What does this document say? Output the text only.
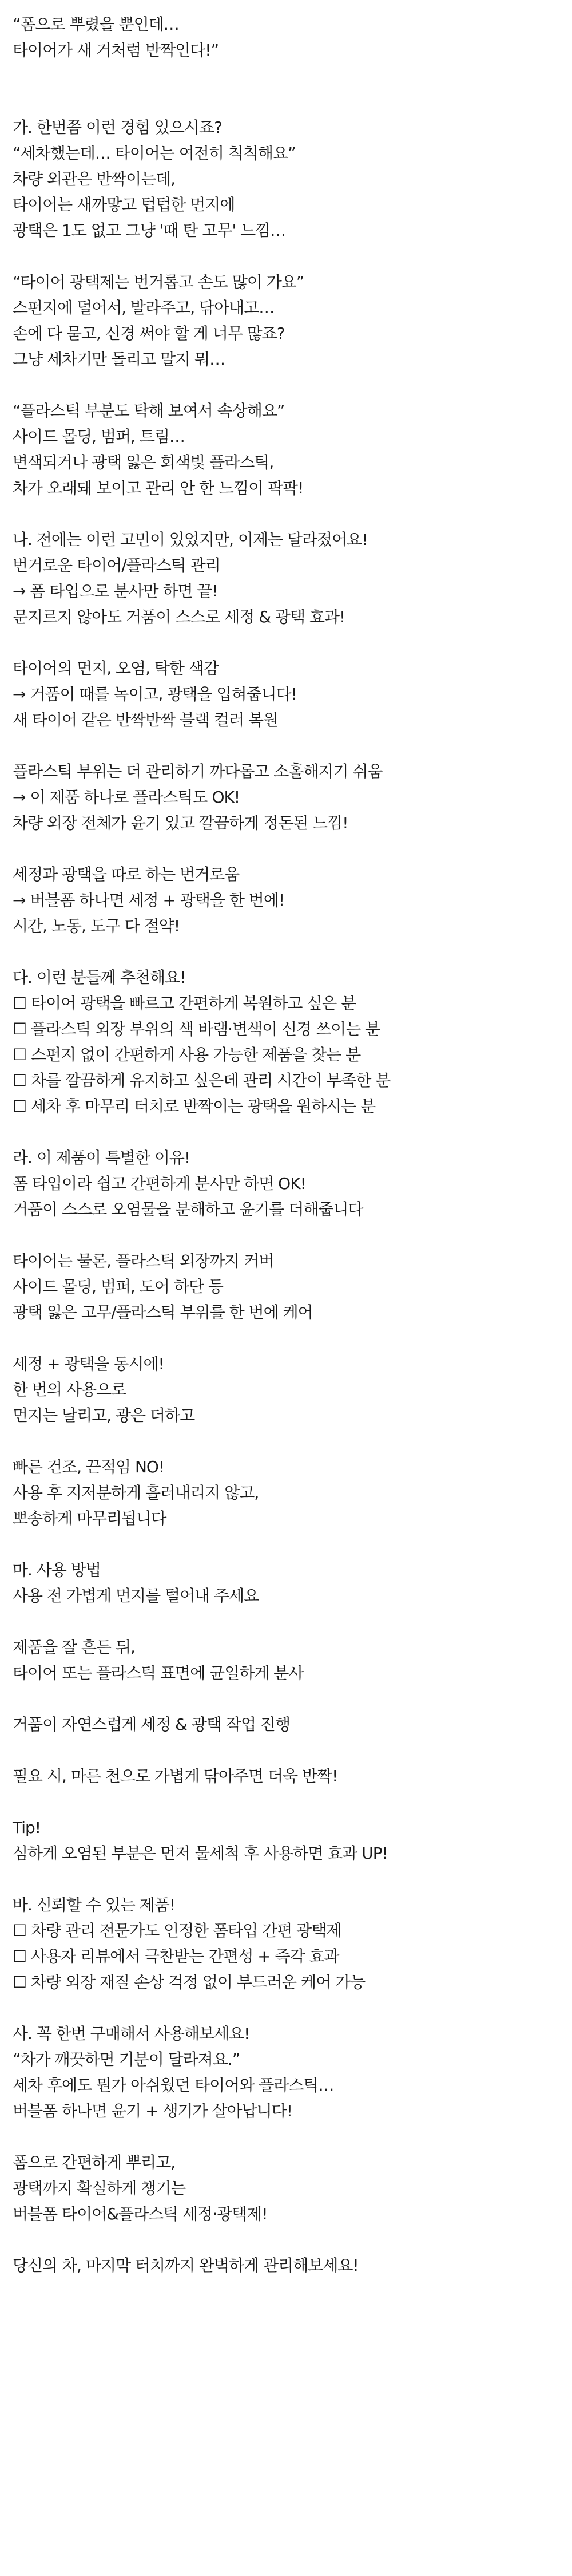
“폼으로 뿌렸을 뿐인데…
타이어가 새 거처럼 반짝인다!”
가. 한번쯤 이런 경험 있으시죠?
“세차했는데… 타이어는 여전히 칙칙해요”
차량 외관은 반짝이는데,
타이어는 새까맣고 텁텁한 먼지에
광택은 1도 없고 그냥 '때 탄 고무' 느낌…
“타이어 광택제는 번거롭고 손도 많이 가요”
스펀지에 덜어서, 발라주고, 닦아내고…
손에 다 묻고, 신경 써야 할 게 너무 많죠?
그냥 세차기만 돌리고 말지 뭐…
“플라스틱 부분도 탁해 보여서 속상해요”
사이드 몰딩, 범퍼, 트림…
변색되거나 광택 잃은 회색빛 플라스틱,
차가 오래돼 보이고 관리 안 한 느낌이 팍팍!
나. 전에는 이런 고민이 있었지만, 이제는 달라졌어요!
번거로운 타이어/플라스틱 관리
→ 폼 타입으로 분사만 하면 끝!
문지르지 않아도 거품이 스스로 세정 & 광택 효과!
타이어의 먼지, 오염, 탁한 색감
→ 거품이 때를 녹이고, 광택을 입혀줍니다!
새 타이어 같은 반짝반짝 블랙 컬러 복원
플라스틱 부위는 더 관리하기 까다롭고 소홀해지기 쉬움
→ 이 제품 하나로 플라스틱도 OK!
차량 외장 전체가 윤기 있고 깔끔하게 정돈된 느낌!
세정과 광택을 따로 하는 번거로움
→ 버블폼 하나면 세정 + 광택을 한 번에!
시간, 노동, 도구 다 절약!
다. 이런 분들께 추천해요!
☐ 타이어 광택을 빠르고 간편하게 복원하고 싶은 분
☐ 플라스틱 외장 부위의 색 바램·변색이 신경 쓰이는 분
☐ 스펀지 없이 간편하게 사용 가능한 제품을 찾는 분
☐ 차를 깔끔하게 유지하고 싶은데 관리 시간이 부족한 분
☐ 세차 후 마무리 터치로 반짝이는 광택을 원하시는 분
라. 이 제품이 특별한 이유!
폼 타입이라 쉽고 간편하게 분사만 하면 OK!
거품이 스스로 오염물을 분해하고 윤기를 더해줍니다
타이어는 물론, 플라스틱 외장까지 커버
사이드 몰딩, 범퍼, 도어 하단 등
광택 잃은 고무/플라스틱 부위를 한 번에 케어
세정 + 광택을 동시에!
한 번의 사용으로
먼지는 날리고, 광은 더하고
빠른 건조, 끈적임 NO!
사용 후 지저분하게 흘러내리지 않고,
뽀송하게 마무리됩니다
마. 사용 방법
사용 전 가볍게 먼지를 털어내 주세요
제품을 잘 흔든 뒤,
타이어 또는 플라스틱 표면에 균일하게 분사
거품이 자연스럽게 세정 & 광택 작업 진행
필요 시, 마른 천으로 가볍게 닦아주면 더욱 반짝!
Tip!
심하게 오염된 부분은 먼저 물세척 후 사용하면 효과 UP!
바. 신뢰할 수 있는 제품!
☐ 차량 관리 전문가도 인정한 폼타입 간편 광택제
☐ 사용자 리뷰에서 극찬받는 간편성 + 즉각 효과
☐ 차량 외장 재질 손상 걱정 없이 부드러운 케어 가능
사. 꼭 한번 구매해서 사용해보세요!
“차가 깨끗하면 기분이 달라져요.”
세차 후에도 뭔가 아쉬웠던 타이어와 플라스틱…
버블폼 하나면 윤기 + 생기가 살아납니다!
폼으로 간편하게 뿌리고,
광택까지 확실하게 챙기는
버블폼 타이어&플라스틱 세정·광택제!
당신의 차, 마지막 터치까지 완벽하게 관리해보세요!
